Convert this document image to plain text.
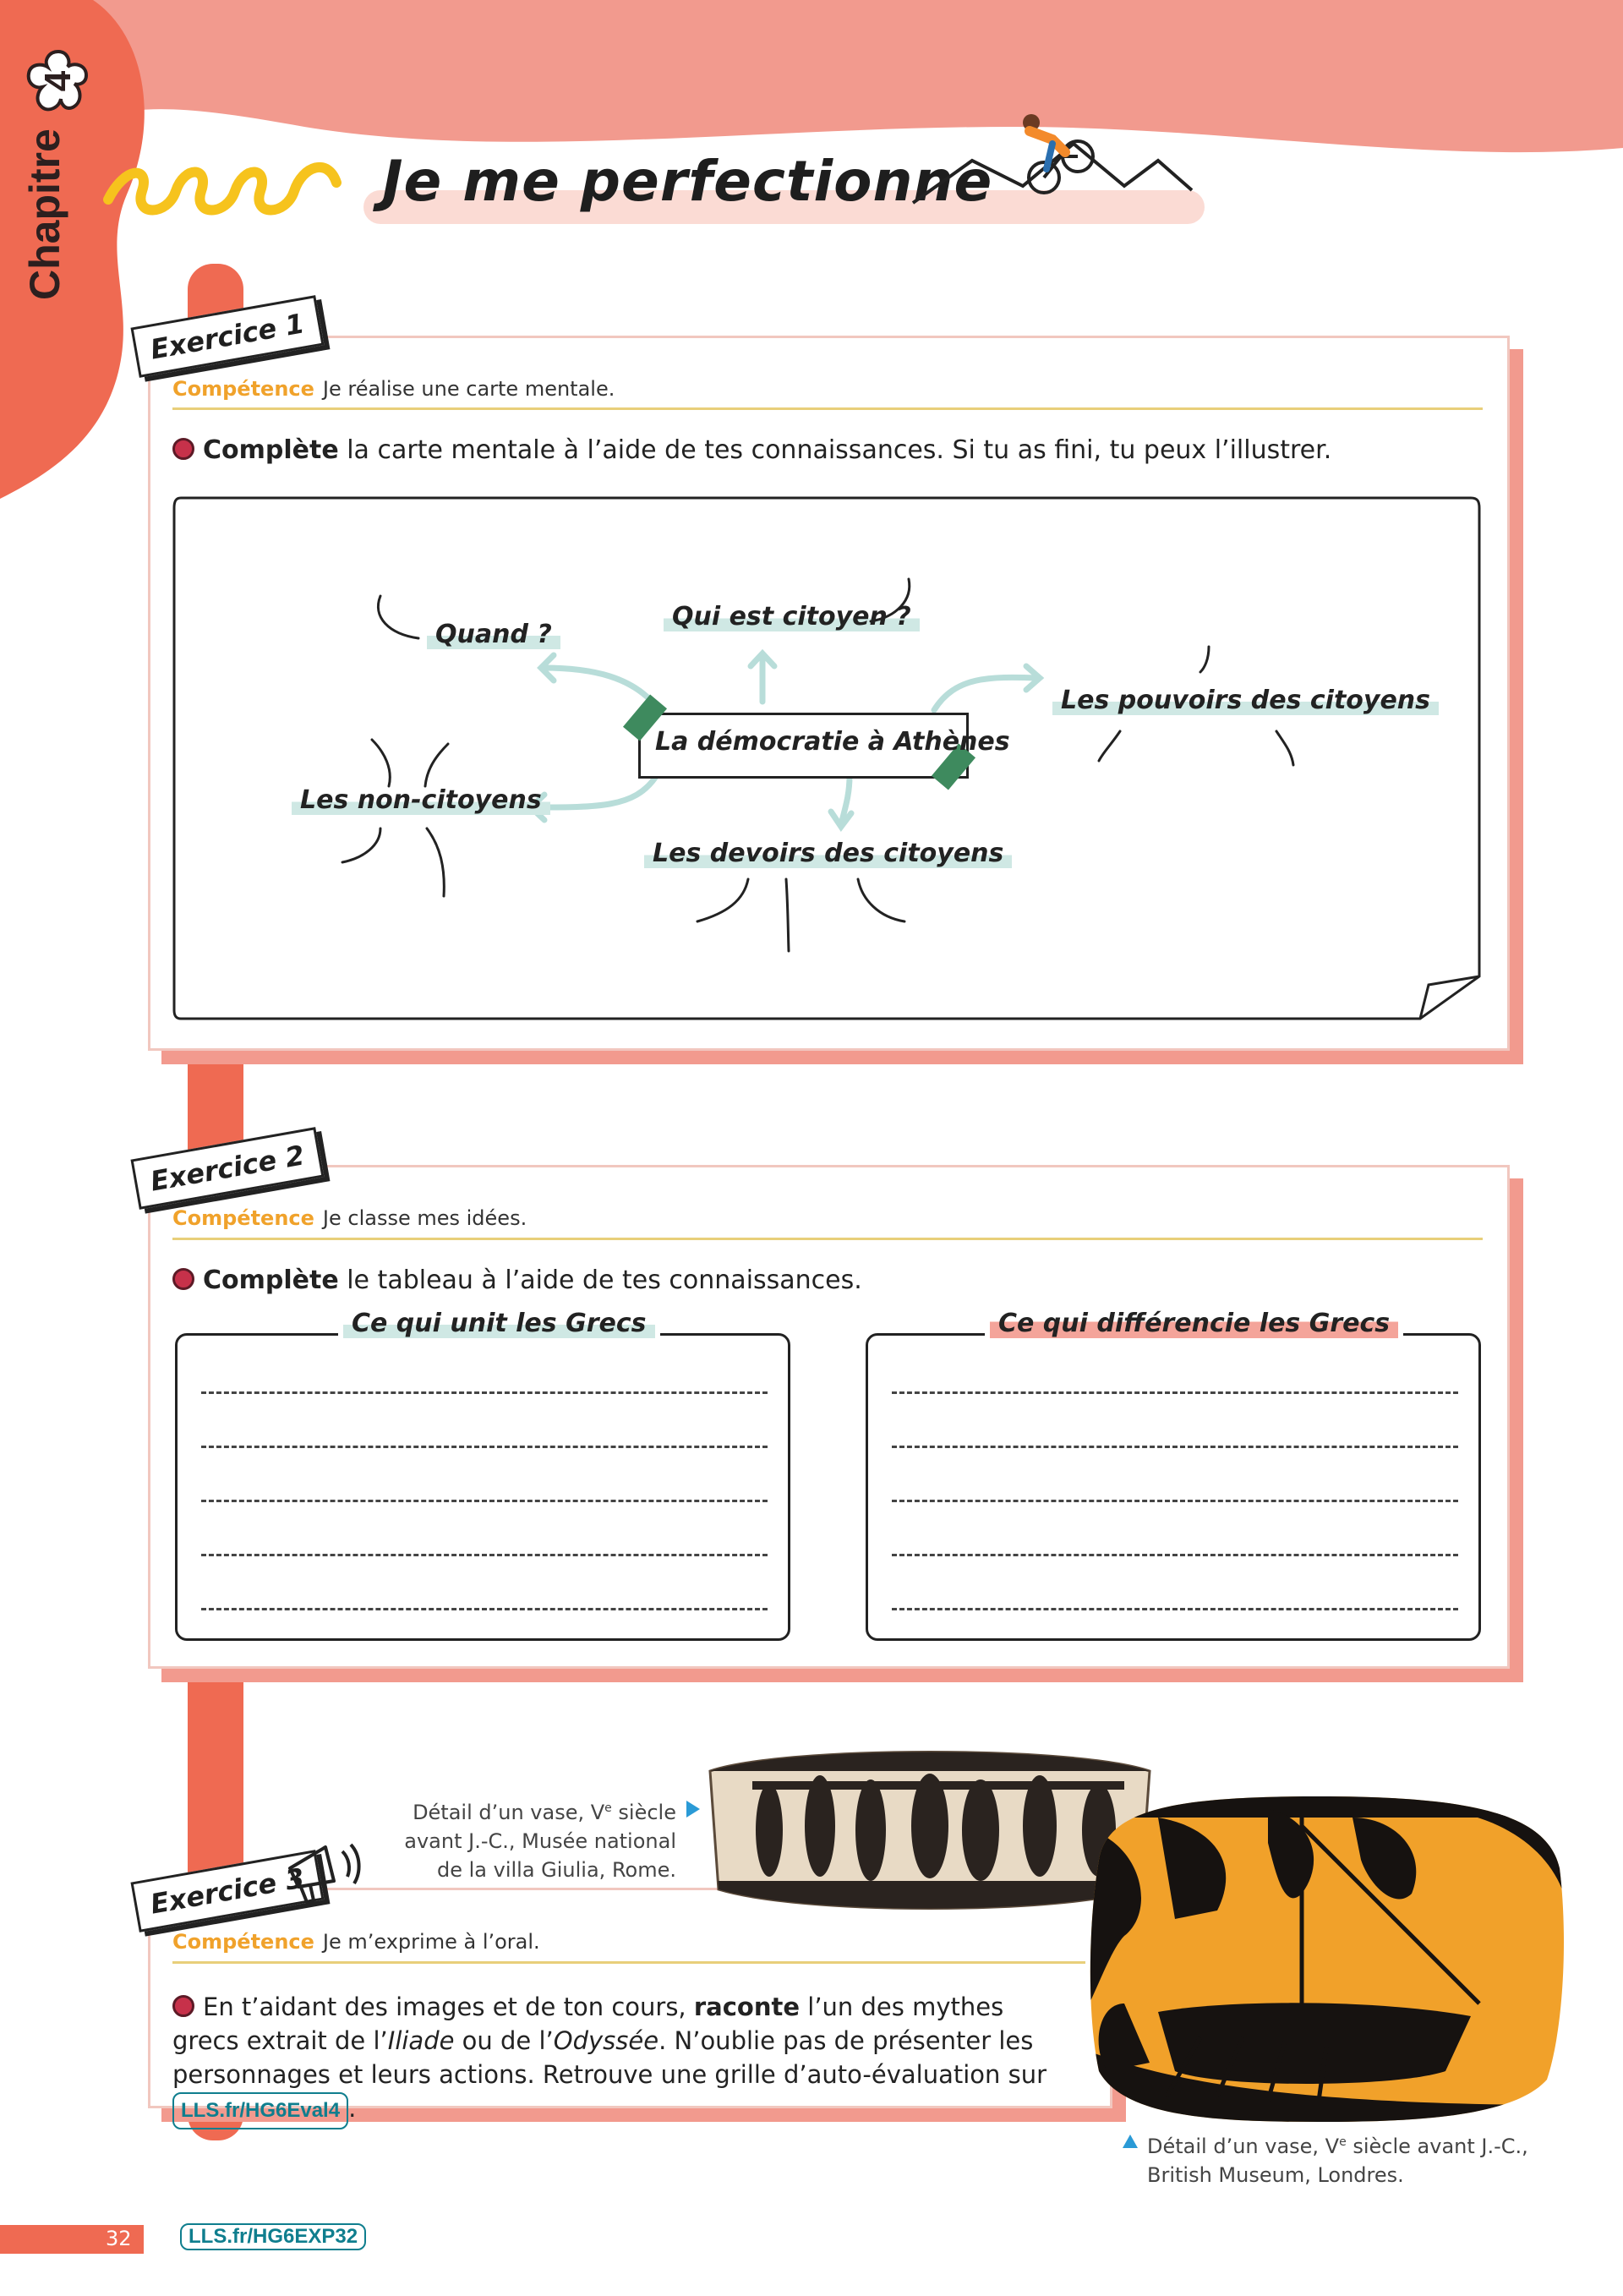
4
Chapitre	Je me perfectionne
Exercice 1
Compétence Je réalise une carte mentale.
Complète la carte mentale à l’aide de tes connaissances. Si tu as fini, tu peux l’illustrer.
La démocratie à Athènes
Quand ?
Qui est citoyen ?
Les pouvoirs des citoyens
Les non-citoyens
Les devoirs des citoyens
Exercice 2
Compétence Je classe mes idées.
Complète le tableau à l’aide de tes connaissances.
Ce qui unit les Grecs	Ce qui différencie les Grecs
Exercice 3
Compétence Je m’exprime à l’oral.
En t’aidant des images et de ton cours, raconte l’un des mythes grecs extrait de l’Iliade ou de l’Odyssée. N’oublie pas de présenter les personnages et leurs actions. Retrouve une grille d’auto-évaluation sur LLS.fr/HG6Eval4 .
Détail d’un vase, Ve siècle
avant J.-C., Musée national
de la villa Giulia, Rome.
Détail d’un vase, Ve siècle avant J.-C.,
British Museum, Londres.
32	LLS.fr/HG6EXP32
